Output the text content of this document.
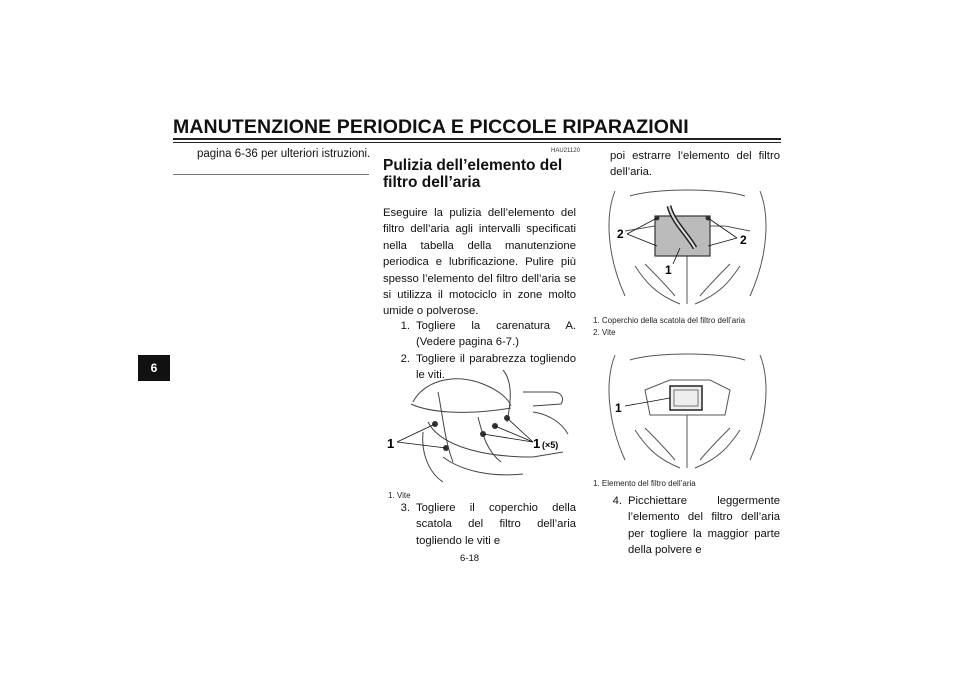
MANUTENZIONE PERIODICA E PICCOLE RIPARAZIONI
6
pagina 6-36 per ulteriori istruzioni.	HAU21120
Pulizia dell’elemento del filtro dell’aria
Eseguire la pulizia dell’elemento del filtro dell’aria agli intervalli specificati nella tabella della manutenzione periodica e lubrificazione. Pulire più spesso l’elemento del filtro dell’aria se si utilizza il motociclo in zone molto umide o polverose.
1. Togliere la carenatura A. (Vedere pagina 6-7.)
2. Togliere il parabrezza togliendo le viti.
1	1 (×5)
1. Vite
3. Togliere il coperchio della scatola del filtro dell’aria togliendo le viti e
poi estrarre l’elemento del filtro dell’aria.
2	2
1
1. Coperchio della scatola del filtro dell’aria
2. Vite
1
1. Elemento del filtro dell’aria
4. Picchiettare leggermente l’elemento del filtro dell’aria per togliere la maggior parte della polvere e
6-18
